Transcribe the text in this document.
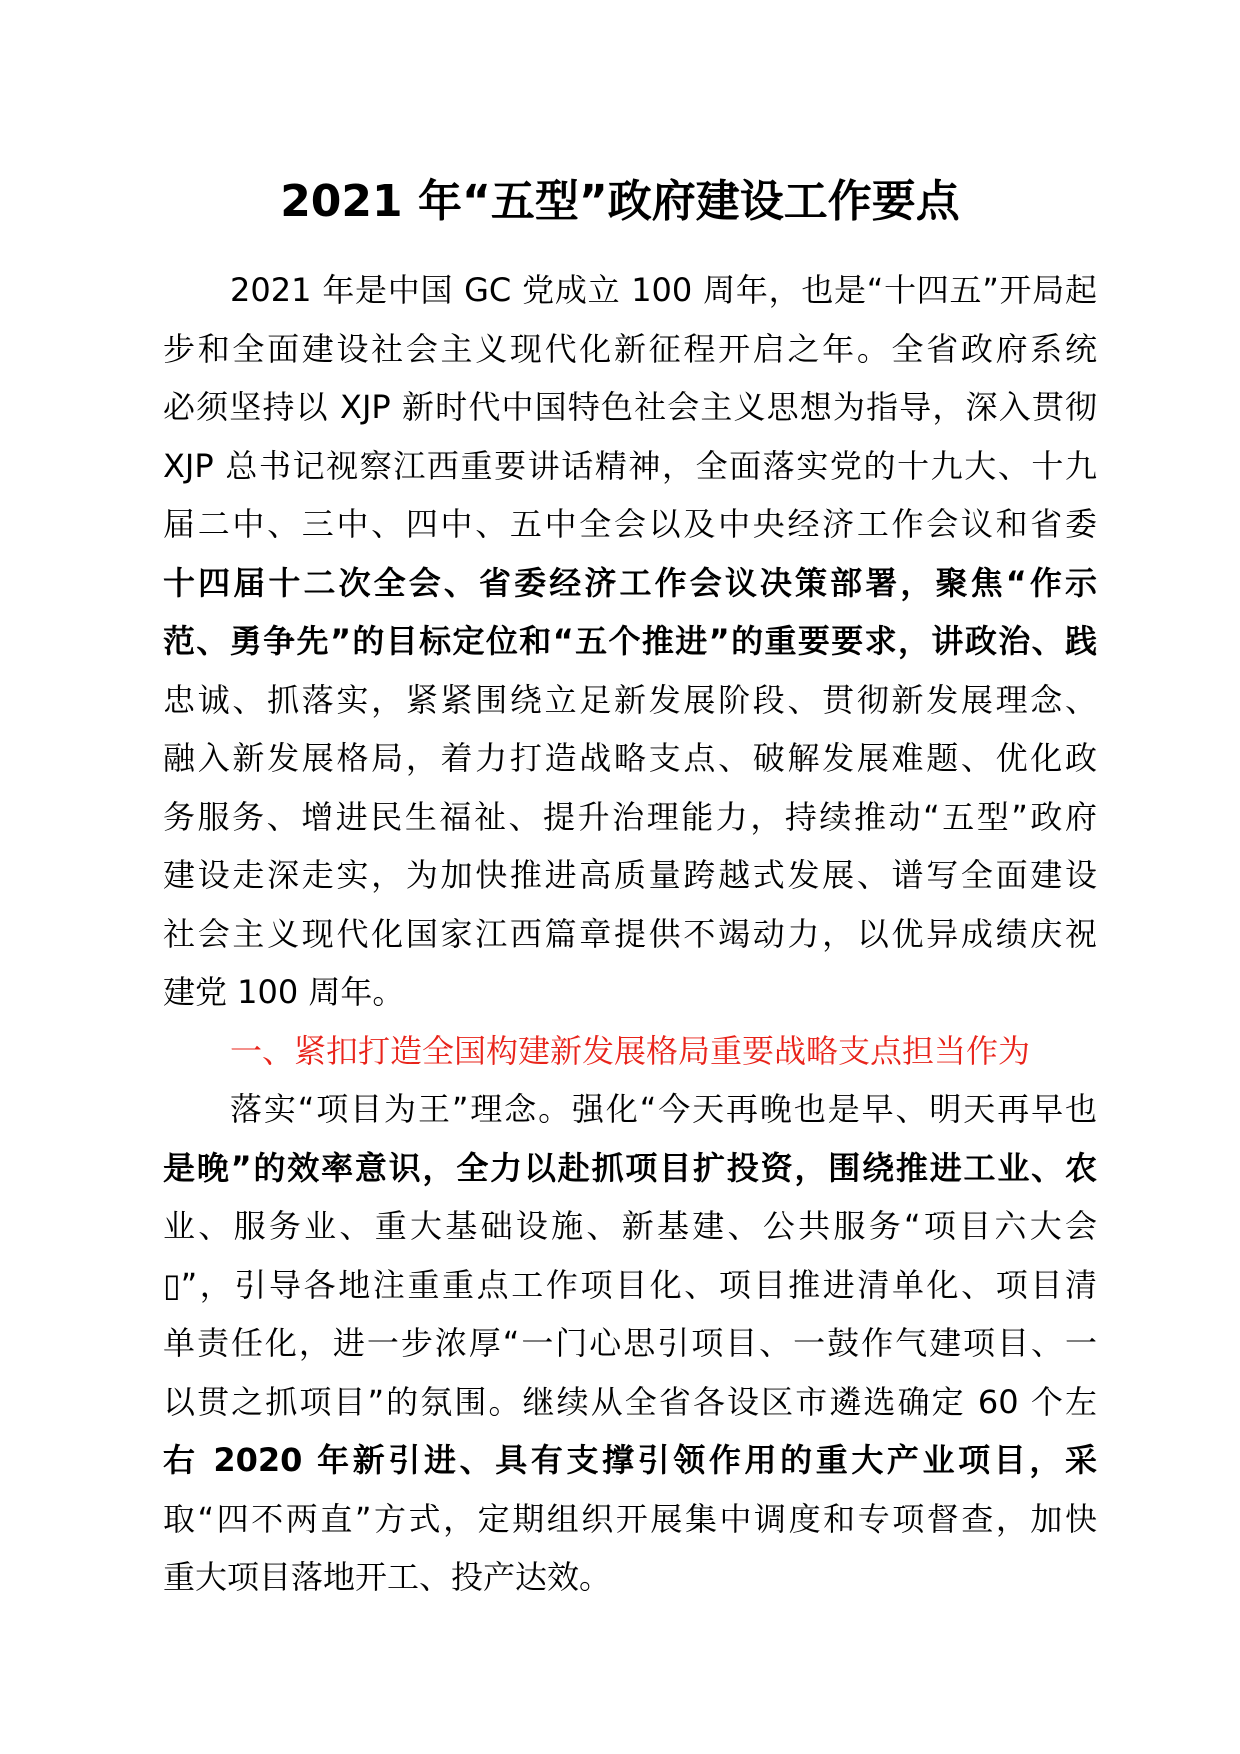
2021 年“五型”政府建设工作要点
2021 年是中国 GC 党成立 100 周年，也是“十四五”开局起
步和全面建设社会主义现代化新征程开启之年。全省政府系统
必须坚持以 XJP 新时代中国特色社会主义思想为指导，深入贯彻
XJP 总书记视察江西重要讲话精神，全面落实党的十九大、十九
届二中、三中、四中、五中全会以及中央经济工作会议和省委
十四届十二次全会、省委经济工作会议决策部署，聚焦“作示
范、勇争先”的目标定位和“五个推进”的重要要求，讲政治、践
忠诚、抓落实，紧紧围绕立足新发展阶段、贯彻新发展理念、
融入新发展格局，着力打造战略支点、破解发展难题、优化政
务服务、增进民生福祉、提升治理能力，持续推动“五型”政府
建设走深走实，为加快推进高质量跨越式发展、谱写全面建设
社会主义现代化国家江西篇章提供不竭动力，以优异成绩庆祝
建党 100 周年。
一、紧扣打造全国构建新发展格局重要战略支点担当作为
落实“项目为王”理念。强化“今天再晚也是早、明天再早也
是晚”的效率意识，全力以赴抓项目扩投资，围绕推进工业、农
业、服务业、重大基础设施、新基建、公共服务“项目六大会
▯”，引导各地注重重点工作项目化、项目推进清单化、项目清
单责任化，进一步浓厚“一门心思引项目、一鼓作气建项目、一
以贯之抓项目”的氛围。继续从全省各设区市遴选确定 60 个左
右 2020 年新引进、具有支撑引领作用的重大产业项目，采
取“四不两直”方式，定期组织开展集中调度和专项督查，加快
重大项目落地开工、投产达效。
